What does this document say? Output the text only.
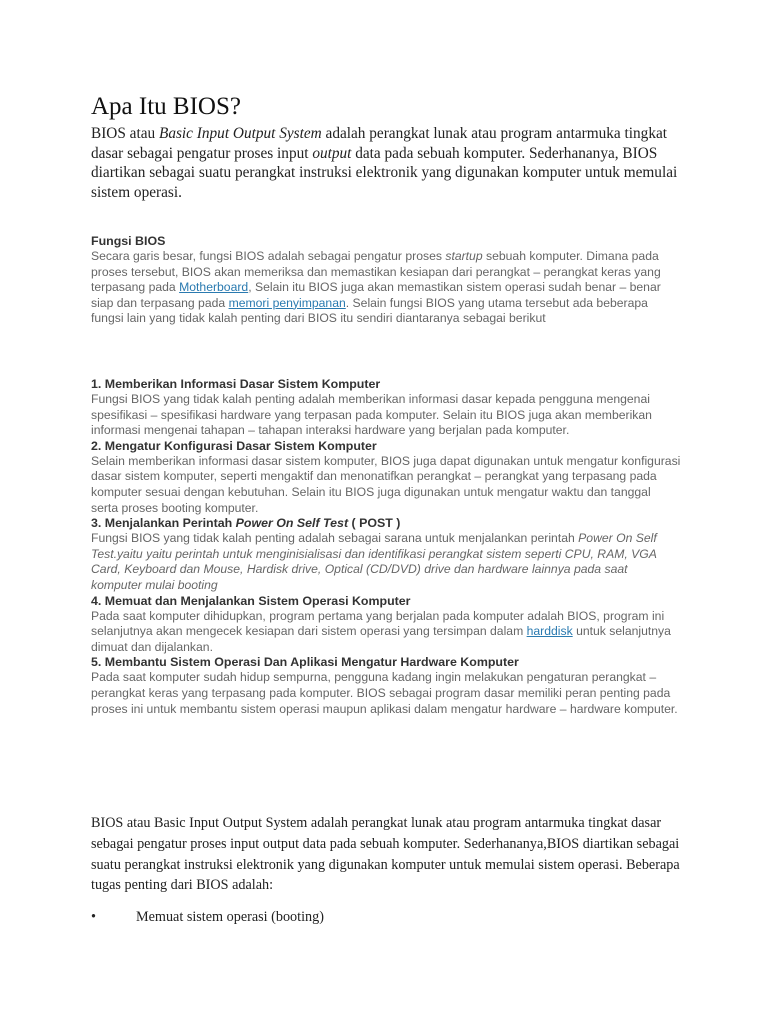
Apa Itu BIOS?

BIOS atau Basic Input Output System adalah perangkat lunak atau program antarmuka tingkat dasar sebagai pengatur proses input output data pada sebuah komputer. Sederhananya, BIOS diartikan sebagai suatu perangkat instruksi elektronik yang digunakan komputer untuk memulai sistem operasi.

Fungsi BIOS

Secara garis besar, fungsi BIOS adalah sebagai pengatur proses startup sebuah komputer. Dimana pada proses tersebut, BIOS akan memeriksa dan memastikan kesiapan dari perangkat – perangkat keras yang terpasang pada Motherboard, Selain itu BIOS juga akan memastikan sistem operasi sudah benar – benar siap dan terpasang pada memori penyimpanan. Selain fungsi BIOS yang utama tersebut ada beberapa fungsi lain yang tidak kalah penting dari BIOS itu sendiri diantaranya sebagai berikut

1. Memberikan Informasi Dasar Sistem Komputer

Fungsi BIOS yang tidak kalah penting adalah memberikan informasi dasar kepada pengguna mengenai spesifikasi – spesifikasi hardware yang terpasan pada komputer. Selain itu BIOS juga akan memberikan informasi mengenai tahapan – tahapan interaksi hardware yang berjalan pada komputer.

2. Mengatur Konfigurasi Dasar Sistem Komputer

Selain memberikan informasi dasar sistem komputer, BIOS juga dapat digunakan untuk mengatur konfigurasi dasar sistem komputer, seperti mengaktif dan menonatifkan perangkat – perangkat yang terpasang pada komputer sesuai dengan kebutuhan. Selain itu BIOS juga digunakan untuk mengatur waktu dan tanggal serta proses booting komputer.

3. Menjalankan Perintah Power On Self Test ( POST )

Fungsi BIOS yang tidak kalah penting adalah sebagai sarana untuk menjalankan perintah Power On Self Test.yaitu yaitu perintah untuk menginisialisasi dan identifikasi perangkat sistem seperti CPU, RAM, VGA Card, Keyboard dan Mouse, Hardisk drive, Optical (CD/DVD) drive dan hardware lainnya pada saat komputer mulai booting

4. Memuat dan Menjalankan Sistem Operasi Komputer

Pada saat komputer dihidupkan, program pertama yang berjalan pada komputer adalah BIOS, program ini selanjutnya akan mengecek kesiapan dari sistem operasi yang tersimpan dalam harddisk untuk selanjutnya dimuat dan dijalankan.

5. Membantu Sistem Operasi Dan Aplikasi Mengatur Hardware Komputer

Pada saat komputer sudah hidup sempurna, pengguna kadang ingin melakukan pengaturan perangkat – perangkat keras yang terpasang pada komputer. BIOS sebagai program dasar memiliki peran penting pada proses ini untuk membantu sistem operasi maupun aplikasi dalam mengatur hardware – hardware komputer.

BIOS atau Basic Input Output System adalah perangkat lunak atau program antarmuka tingkat dasar sebagai pengatur proses input output data pada sebuah komputer. Sederhananya,BIOS diartikan sebagai suatu perangkat instruksi elektronik yang digunakan komputer untuk memulai sistem operasi. Beberapa tugas penting dari BIOS adalah:

•	Memuat sistem operasi (booting)
